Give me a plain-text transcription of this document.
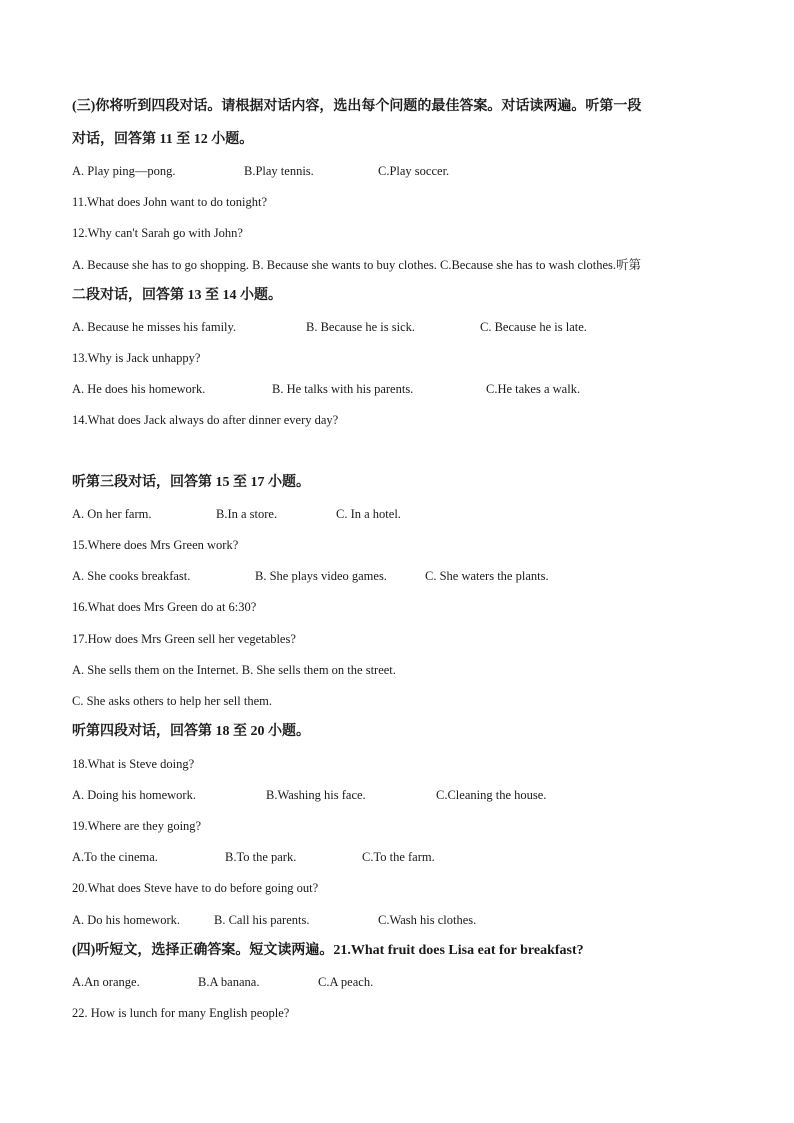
(三)你将听到四段对话。请根据对话内容，选出每个问题的最佳答案。对话读两遍。听第一段
对话，回答第 11 至 12 小题。
A. Play ping—pong.	B.Play tennis.	C.Play soccer.
11.What does John want to do tonight?
12.Why can't Sarah go with John?
A. Because she has to go shopping. B. Because she wants to buy clothes. C.Because she has to wash clothes.听第
二段对话，回答第 13 至 14 小题。
A. Because he misses his family.	B. Because he is sick.	C. Because he is late.
13.Why is Jack unhappy?
A. He does his homework.	B. He talks with his parents.	C.He takes a walk.
14.What does Jack always do after dinner every day?
听第三段对话，回答第 15 至 17 小题。
A. On her farm.	B.In a store.	C. In a hotel.
15.Where does Mrs Green work?
A. She cooks breakfast.	B. She plays video games.	C. She waters the plants.
16.What does Mrs Green do at 6:30?
17.How does Mrs Green sell her vegetables?
A. She sells them on the Internet. B. She sells them on the street.
C. She asks others to help her sell them.
听第四段对话，回答第 18 至 20 小题。
18.What is Steve doing?
A. Doing his homework.	B.Washing his face.	C.Cleaning the house.
19.Where are they going?
A.To the cinema.	B.To the park.	C.To the farm.
20.What does Steve have to do before going out?
A. Do his homework.	B. Call his parents.	C.Wash his clothes.
(四)听短文，选择正确答案。短文读两遍。21.What fruit does Lisa eat for breakfast?
A.An orange.	B.A banana.	C.A peach.
22. How is lunch for many English people?
